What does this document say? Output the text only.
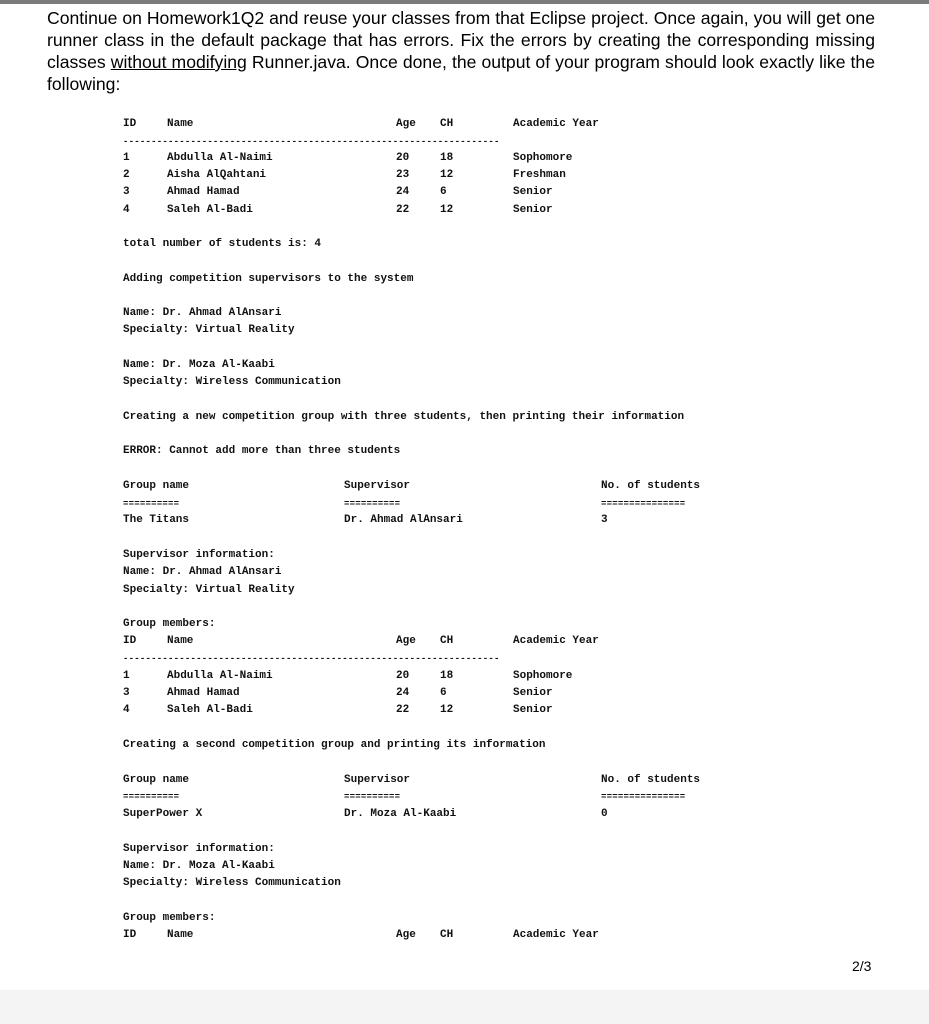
Continue on Homework1Q2 and reuse your classes from that Eclipse project. Once again, you will get one runner class in the default package that has errors. Fix the errors by creating the corresponding missing classes without modifying Runner.java. Once done, the output of your program should look exactly like the following:
ID	Name	Age CH	Academic Year
-------------------------------------------------------------------
1	Abdulla Al-Naimi	20	18	Sophomore
2	Aisha AlQahtani	23	12	Freshman
3	Ahmad Hamad	24	6	Senior
4	Saleh Al-Badi	22	12	Senior
total number of students is: 4
Adding competition supervisors to the system
Name: Dr. Ahmad AlAnsari
Specialty: Virtual Reality
Name: Dr. Moza Al-Kaabi
Specialty: Wireless Communication
Creating a new competition group with three students, then printing their information
ERROR: Cannot add more than three students
Group name	Supervisor	No. of students
==========	==========	===============
The Titans	Dr. Ahmad AlAnsari	3
Supervisor information:
Name: Dr. Ahmad AlAnsari
Specialty: Virtual Reality
Group members:
ID	Name	Age CH	Academic Year
-------------------------------------------------------------------
1	Abdulla Al-Naimi	20	18	Sophomore
3	Ahmad Hamad	24	6	Senior
4	Saleh Al-Badi	22	12	Senior
Creating a second competition group and printing its information
Group name	Supervisor	No. of students
==========	==========	===============
SuperPower X	Dr. Moza Al-Kaabi	0
Supervisor information:
Name: Dr. Moza Al-Kaabi
Specialty: Wireless Communication
Group members:
ID	Name	Age CH	Academic Year
2/3
